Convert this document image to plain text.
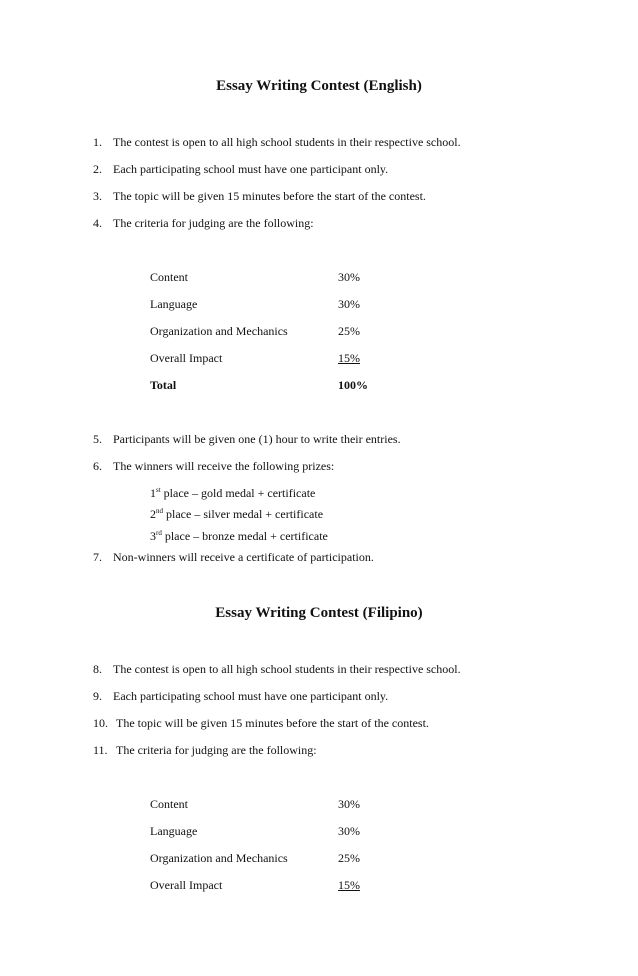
Essay Writing Contest (English)
1. The contest is open to all high school students in their respective school.
2. Each participating school must have one participant only.
3. The topic will be given 15 minutes before the start of the contest.
4. The criteria for judging are the following:
Content	30%
Language	30%
Organization and Mechanics	25%
Overall Impact	15%
Total	100%
5. Participants will be given one (1) hour to write their entries.
6. The winners will receive the following prizes:
1st place – gold medal + certificate
2nd place – silver medal + certificate
3rd place – bronze medal + certificate
7. Non-winners will receive a certificate of participation.
Essay Writing Contest (Filipino)
8. The contest is open to all high school students in their respective school.
9. Each participating school must have one participant only.
10. The topic will be given 15 minutes before the start of the contest.
11. The criteria for judging are the following:
Content	30%
Language	30%
Organization and Mechanics	25%
Overall Impact	15%
